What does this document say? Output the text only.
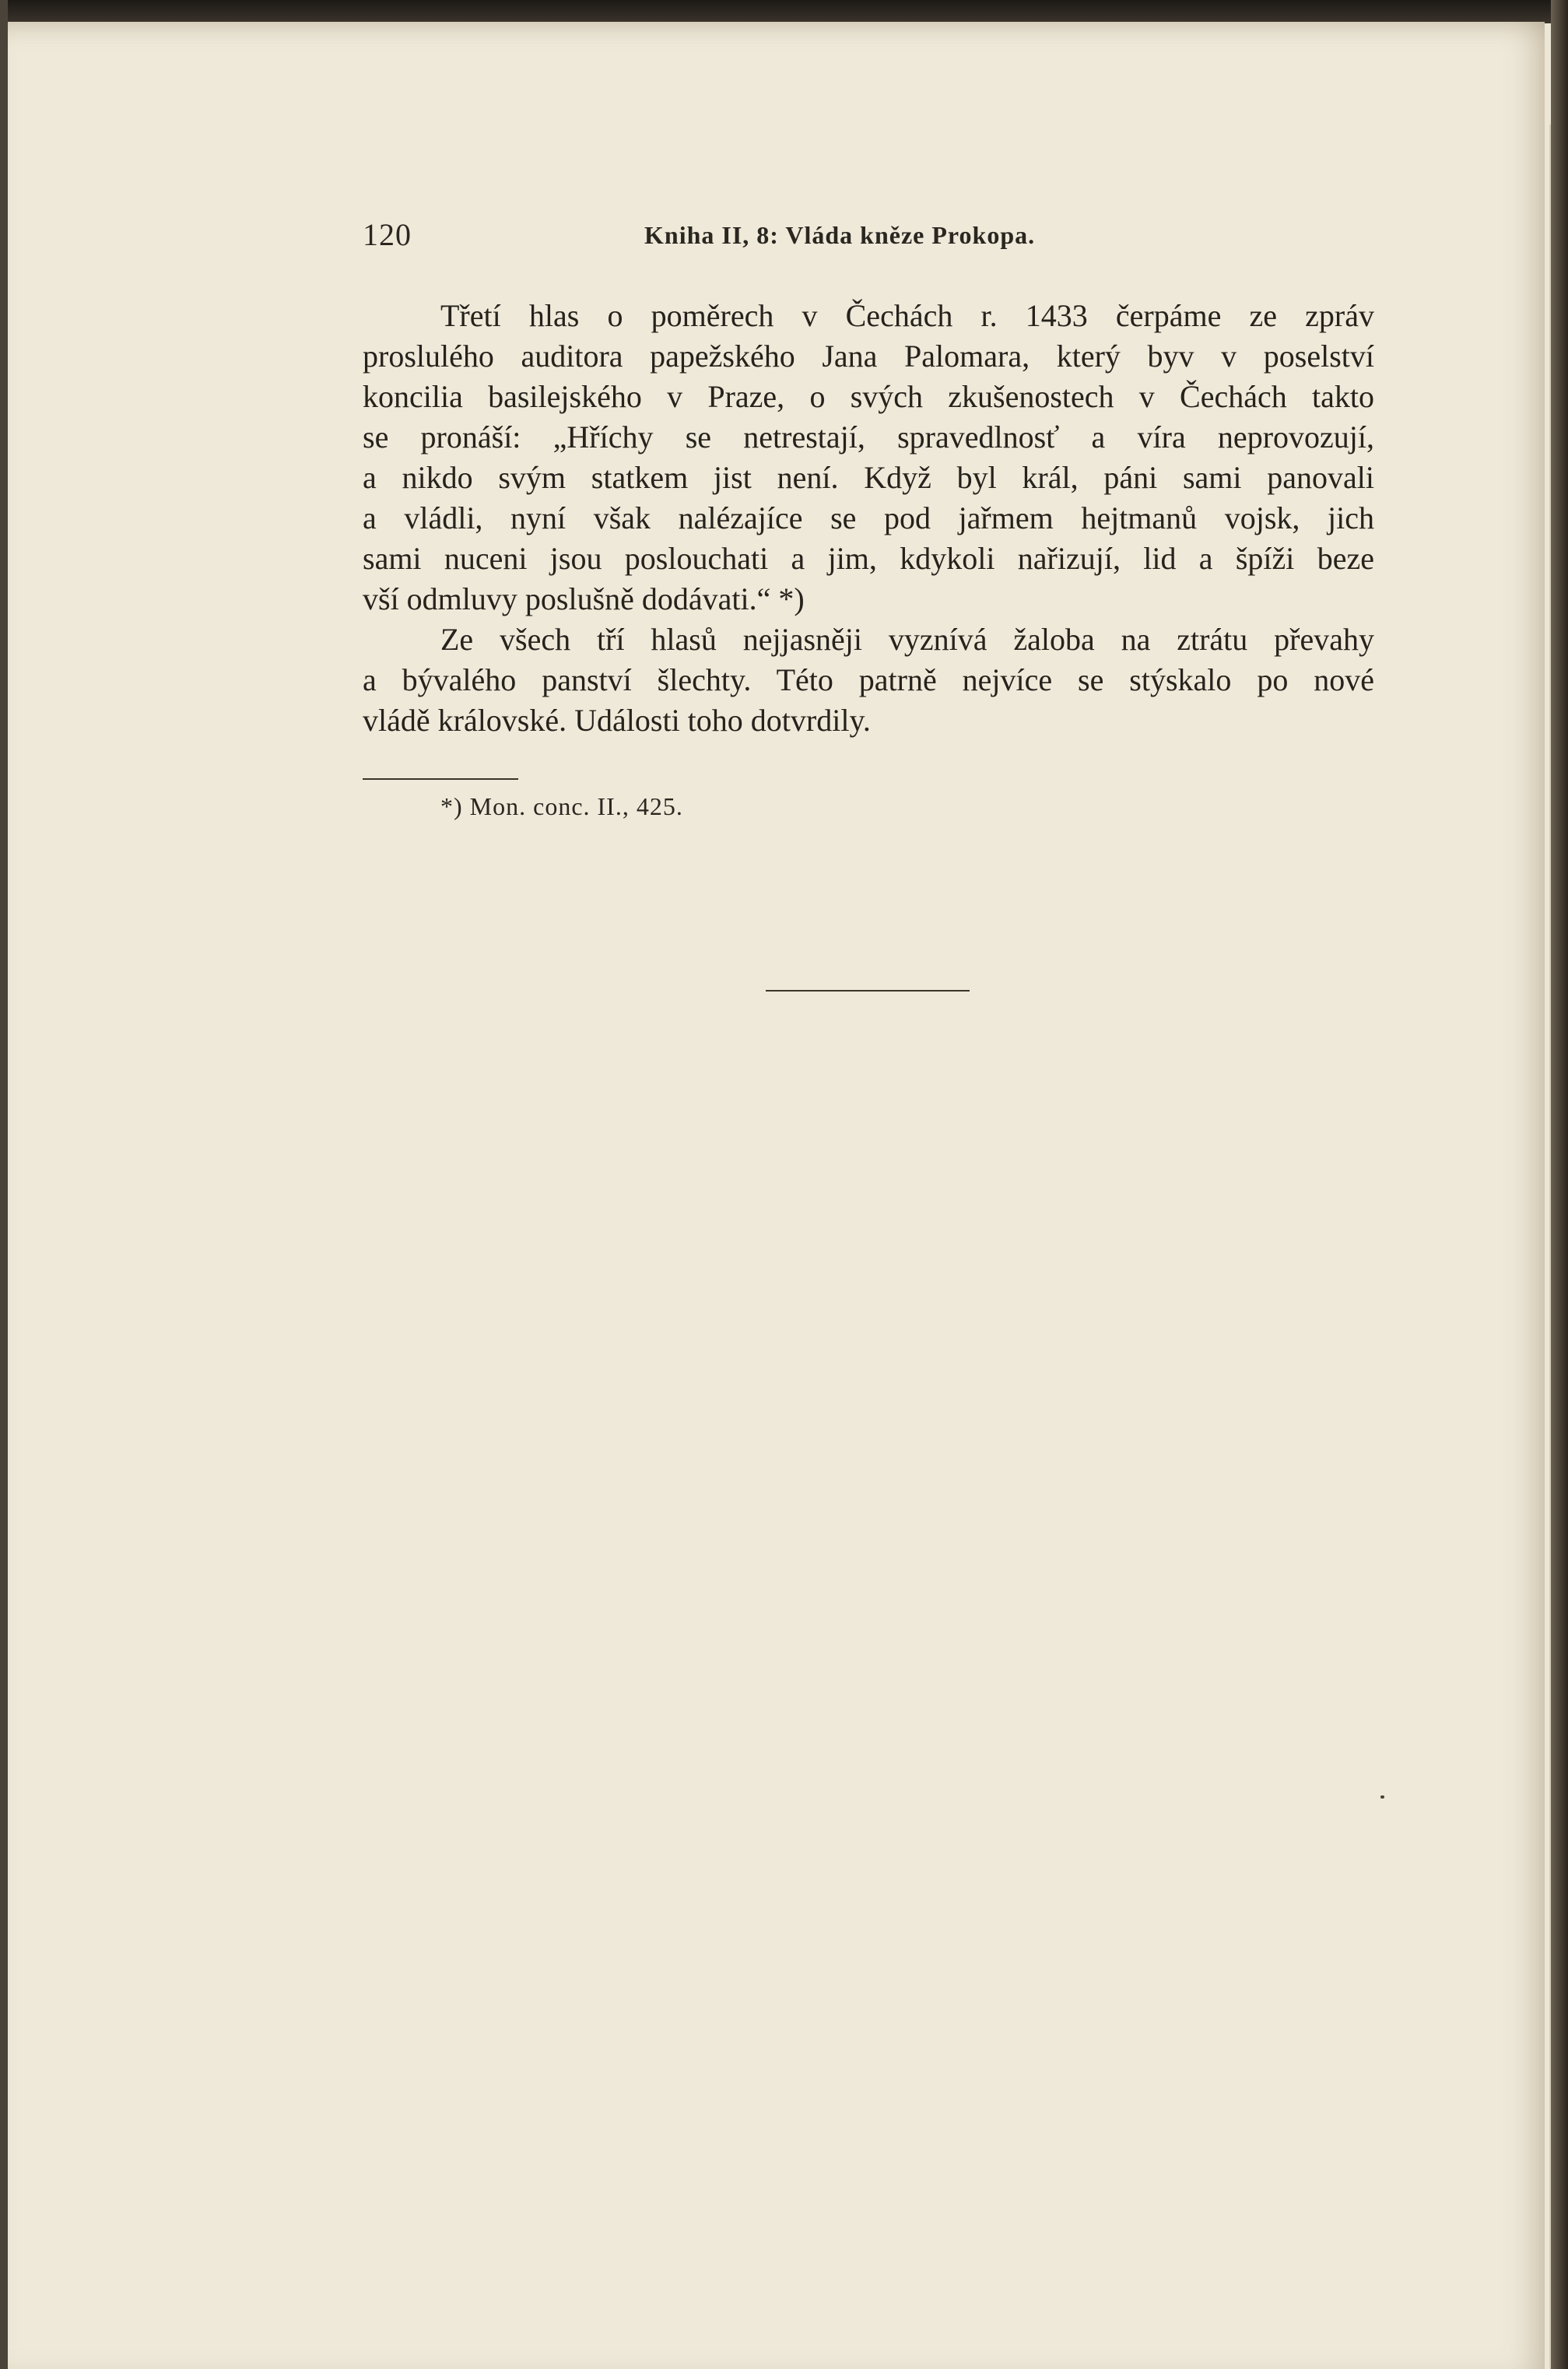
120	Kniha II, 8: Vláda kněze Prokopa.
Třetí hlas o poměrech v Čechách r. 1433 čerpáme ze zpráv
proslulého auditora papežského Jana Palomara, který byv v poselství
koncilia basilejského v Praze, o svých zkušenostech v Čechách takto
se pronáší: „Hříchy se netrestají, spravedlnosť a víra neprovozují,
a nikdo svým statkem jist není. Když byl král, páni sami panovali
a vládli, nyní však nalézajíce se pod jařmem hejtmanů vojsk, jich
sami nuceni jsou poslouchati a jim, kdykoli nařizují, lid a špíži beze
vší odmluvy poslušně dodávati.“ *)
Ze všech tří hlasů nejjasněji vyznívá žaloba na ztrátu převahy
a bývalého panství šlechty. Této patrně nejvíce se stýskalo po nové
vládě královské. Události toho dotvrdily.
*) Mon. conc. II., 425.
